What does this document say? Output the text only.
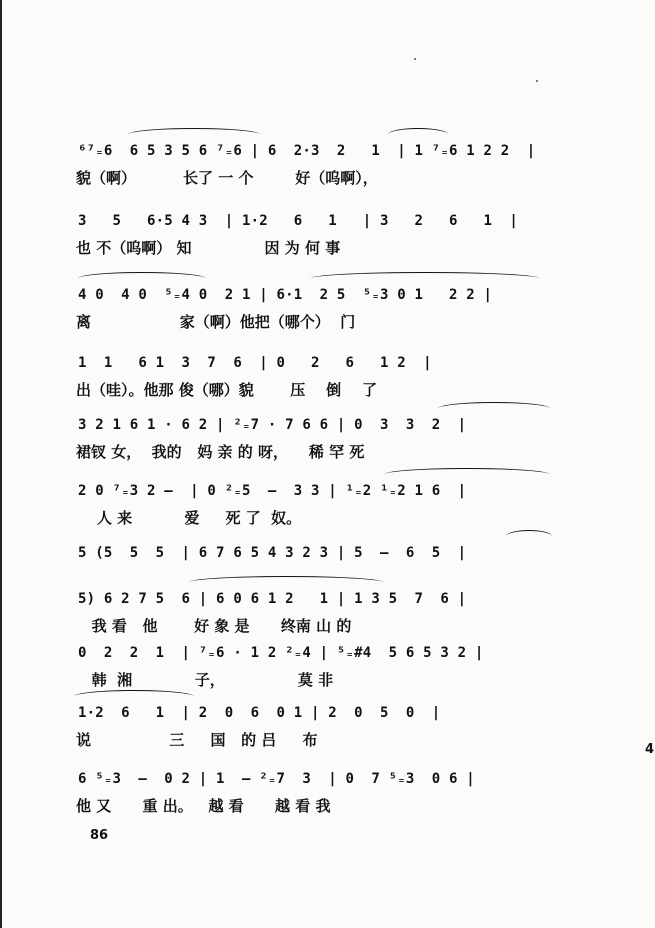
⁶⁷₌6  6 5 3 5 6 ⁷₌6 | 6  2·3  2   1  | 1 ⁷₌6 1 2 2  |
貌（啊）         长了 一 个        好（呜啊），
3   5   6·5 4 3  | 1·2   6   1   | 3   2   6   1  |
也 不（呜啊） 知              因 为 何 事
4 0  4 0  ⁵₌4 0  2 1 | 6·1  2 5  ⁵₌3 0 1   2 2 |
离                 家（啊）他把（哪个）  门
1  1   6 1  3  7  6  | 0   2   6   1 2  |
出（哇）。他那 俊（哪）貌       压    倒    了
3 2 1 6 1 · 6 2 | ²₌7 · 7 6 6 | 0  3  3  2  |
裙钗 女，  我的   妈 亲 的 呀，    稀 罕 死
2 0 ⁷₌3 2 —  | 0 ²₌5  —  3 3 | ¹₌2 ¹₌2 1 6  |
人 来          爱     死 了  奴。
5 (5  5  5  | 6 7 6 5 4 3 2 3 | 5  —  6  5  |
5) 6 2 7 5  6 | 6 0 6 1 2   1 | 1 3 5  7  6 |
我 看   他       好 象 是      终南 山 的
0  2  2  1  | ⁷₌6 · 1 2 ²₌4 | ⁵₌#4  5 6 5 3 2 |
韩  湘            子，              莫 非
1·2  6   1  | 2  0  6  0 1 | 2  0  5  0  |
说               三     国   的 吕     布
6 ⁵₌3  —  0 2 | 1  — ²₌7  3  | 0  7 ⁵₌3  0 6 |
他 又      重 出。   越 看      越 看 我
86
4
